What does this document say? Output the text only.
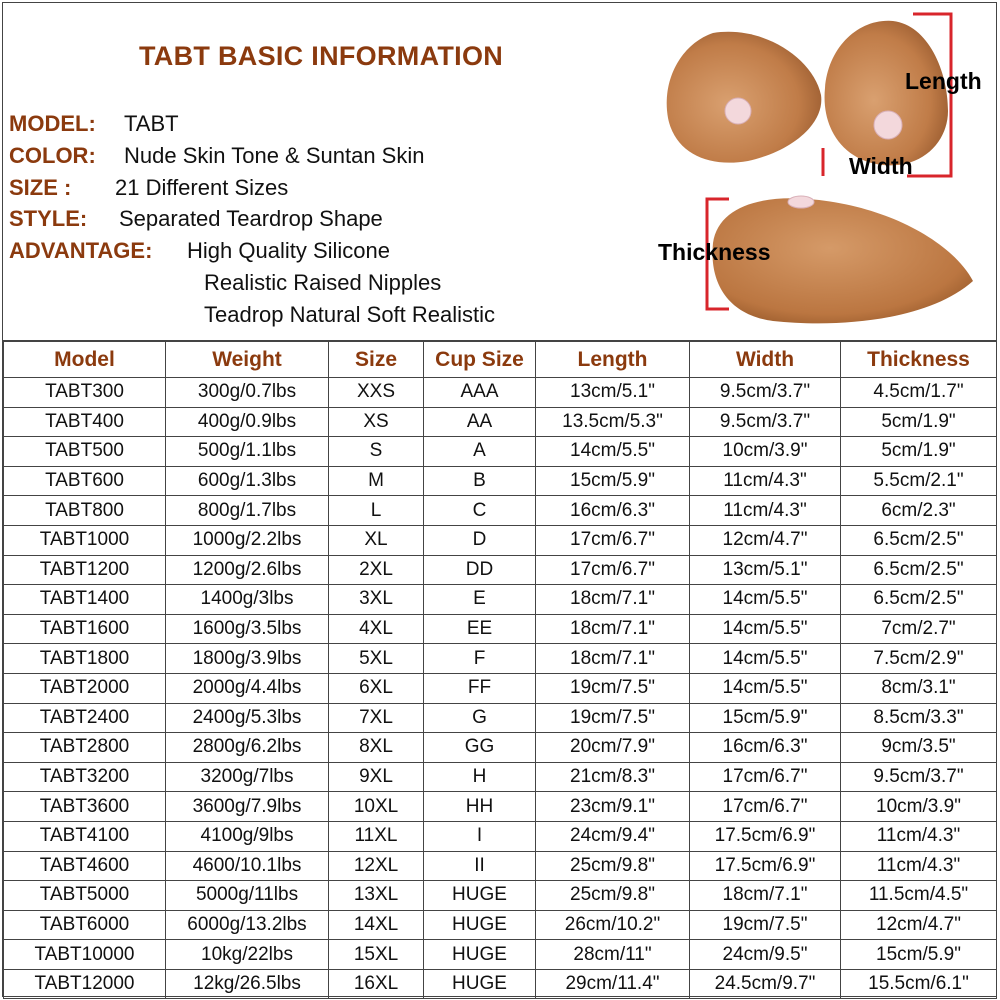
TABT BASIC INFORMATION
MODEL: TABT
COLOR: Nude Skin Tone & Suntan Skin
SIZE : 21 Different Sizes
STYLE: Separated Teardrop Shape
ADVANTAGE: High Quality Silicone
Realistic Raised Nipples
Teadrop Natural Soft Realistic
Length
Width
Thickness
Model	Weight	Size	Cup Size	Length	Width	Thickness
TABT300	300g/0.7lbs	XXS	AAA	13cm/5.1"	9.5cm/3.7"	4.5cm/1.7"
TABT400	400g/0.9lbs	XS	AA	13.5cm/5.3"	9.5cm/3.7"	5cm/1.9"
TABT500	500g/1.1lbs	S	A	14cm/5.5"	10cm/3.9"	5cm/1.9"
TABT600	600g/1.3lbs	M	B	15cm/5.9"	11cm/4.3"	5.5cm/2.1"
TABT800	800g/1.7lbs	L	C	16cm/6.3"	11cm/4.3"	6cm/2.3"
TABT1000	1000g/2.2lbs	XL	D	17cm/6.7"	12cm/4.7"	6.5cm/2.5"
TABT1200	1200g/2.6lbs	2XL	DD	17cm/6.7"	13cm/5.1"	6.5cm/2.5"
TABT1400	1400g/3lbs	3XL	E	18cm/7.1"	14cm/5.5"	6.5cm/2.5"
TABT1600	1600g/3.5lbs	4XL	EE	18cm/7.1"	14cm/5.5"	7cm/2.7"
TABT1800	1800g/3.9lbs	5XL	F	18cm/7.1"	14cm/5.5"	7.5cm/2.9"
TABT2000	2000g/4.4lbs	6XL	FF	19cm/7.5"	14cm/5.5"	8cm/3.1"
TABT2400	2400g/5.3lbs	7XL	G	19cm/7.5"	15cm/5.9"	8.5cm/3.3"
TABT2800	2800g/6.2lbs	8XL	GG	20cm/7.9"	16cm/6.3"	9cm/3.5"
TABT3200	3200g/7lbs	9XL	H	21cm/8.3"	17cm/6.7"	9.5cm/3.7"
TABT3600	3600g/7.9lbs	10XL	HH	23cm/9.1"	17cm/6.7"	10cm/3.9"
TABT4100	4100g/9lbs	11XL	I	24cm/9.4"	17.5cm/6.9"	11cm/4.3"
TABT4600	4600/10.1lbs	12XL	II	25cm/9.8"	17.5cm/6.9"	11cm/4.3"
TABT5000	5000g/11lbs	13XL	HUGE	25cm/9.8"	18cm/7.1"	11.5cm/4.5"
TABT6000	6000g/13.2lbs	14XL	HUGE	26cm/10.2"	19cm/7.5"	12cm/4.7"
TABT10000	10kg/22lbs	15XL	HUGE	28cm/11"	24cm/9.5"	15cm/5.9"
TABT12000	12kg/26.5lbs	16XL	HUGE	29cm/11.4"	24.5cm/9.7"	15.5cm/6.1"
